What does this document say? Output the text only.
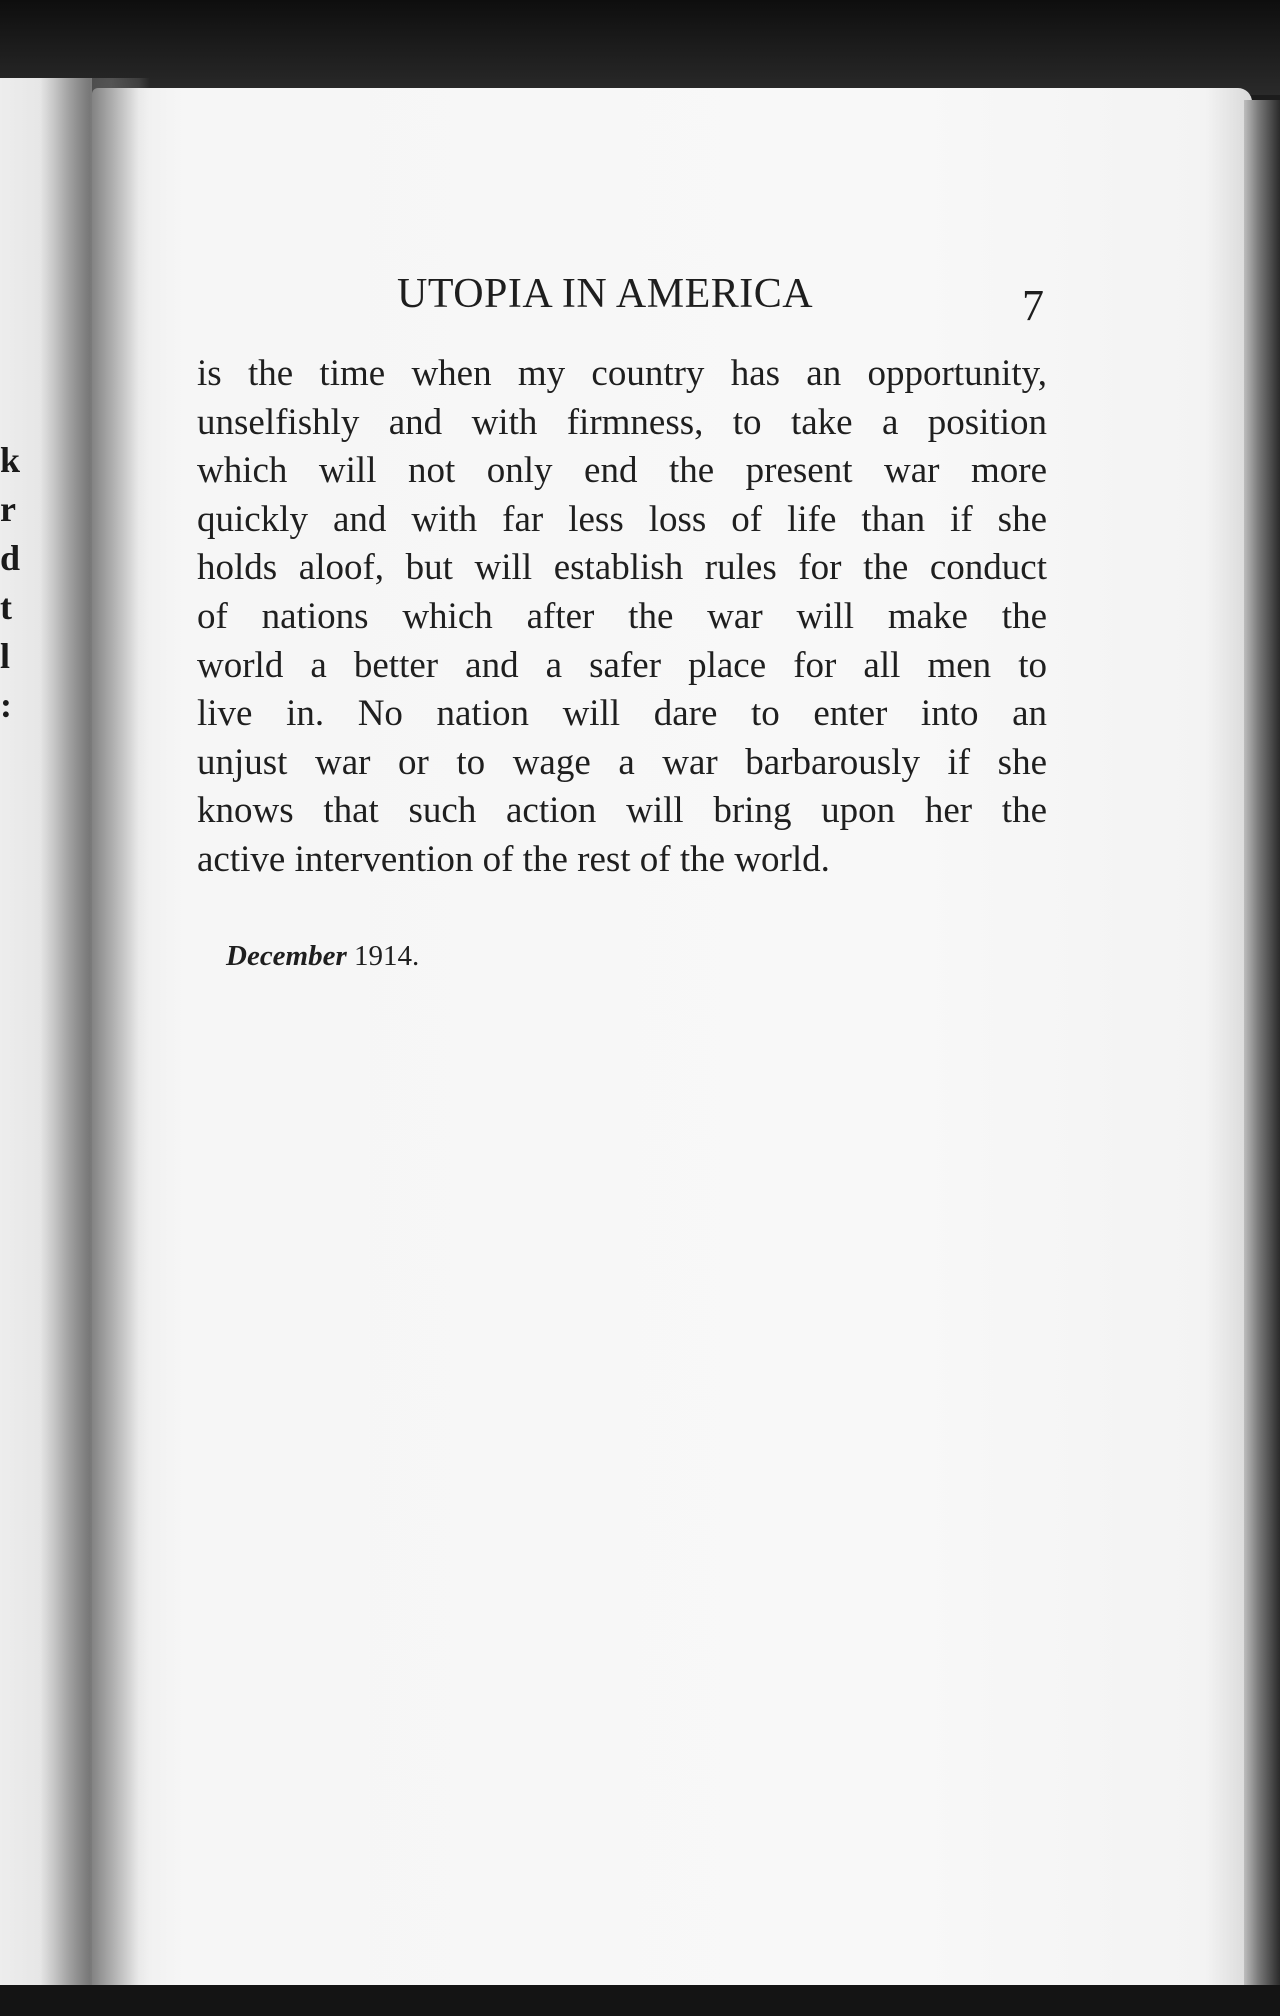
k
r
d
t
l
:
UTOPIA IN AMERICA	7
is the time when my country has an opportunity,
unselfishly and with firmness, to take a position
which will not only end the present war more
quickly and with far less loss of life than if she
holds aloof, but will establish rules for the conduct
of nations which after the war will make the
world a better and a safer place for all men to
live in. No nation will dare to enter into an
unjust war or to wage a war barbarously if she
knows that such action will bring upon her the
active intervention of the rest of the world.
December 1914.
